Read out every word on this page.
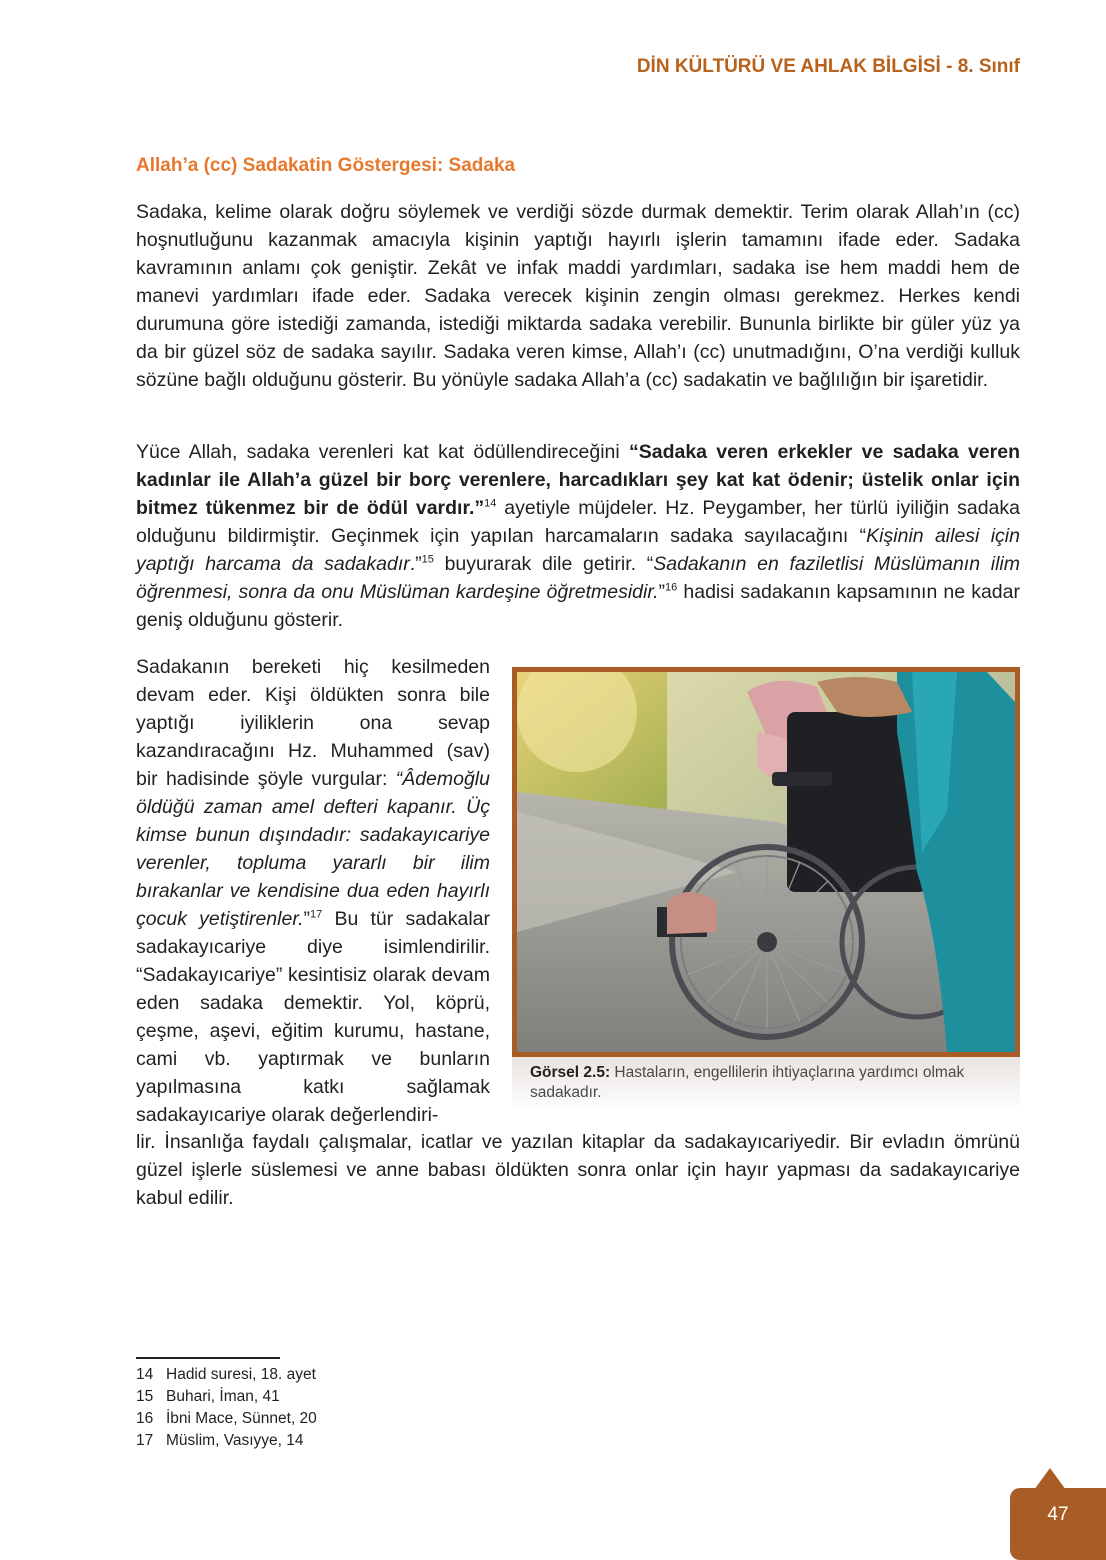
DİN KÜLTÜRÜ VE AHLAK BİLGİSİ - 8. Sınıf
Allah’a (cc) Sadakatin Göstergesi: Sadaka

Sadaka, kelime olarak doğru söylemek ve verdiği sözde durmak demektir. Terim olarak Allah’ın (cc) hoşnutluğunu kazanmak amacıyla kişinin yaptığı hayırlı işlerin tamamını ifade eder. Sadaka kavramının anlamı çok geniştir. Zekât ve infak maddi yardımları, sadaka ise hem maddi hem de manevi yardımları ifade eder. Sadaka verecek kişinin zengin olması gerekmez. Herkes kendi durumuna göre istediği zamanda, istediği miktarda sadaka verebilir. Bununla birlikte bir güler yüz ya da bir güzel söz de sadaka sayılır. Sadaka veren kimse, Allah’ı (cc) unutmadığını, O’na verdiği kulluk sözüne bağlı olduğunu gösterir. Bu yönüyle sadaka Allah’a (cc) sadakatin ve bağlılığın bir işaretidir.

Yüce Allah, sadaka verenleri kat kat ödüllendireceğini “Sadaka veren erkekler ve sadaka veren kadınlar ile Allah’a güzel bir borç verenlere, harcadıkları şey kat kat ödenir; üstelik onlar için bitmez tükenmez bir de ödül vardır.”$^{14}$ ayetiyle müjdeler. Hz. Peygamber, her türlü iyiliğin sadaka olduğunu bildirmiştir. Geçinmek için yapılan harcamaların sadaka sayılacağını “Kişinin ailesi için yaptığı harcama da sadakadır.”$^{15}$ buyurarak dile getirir. “Sadakanın en faziletlisi Müslümanın ilim öğrenmesi, sonra da onu Müslüman kardeşine öğretmesidir.”$^{16}$ hadisi sadakanın kapsamının ne kadar geniş olduğunu gösterir.

Sadakanın bereketi hiç kesilmeden devam eder. Kişi öldükten sonra bile yaptığı iyiliklerin ona sevap kazandıracağını Hz. Muhammed (sav) bir hadisinde şöyle vurgular: “Âdemoğlu öldüğü zaman amel defteri kapanır. Üç kimse bunun dışındadır: sadakayıcariye verenler, topluma yararlı bir ilim bırakanlar ve kendisine dua eden hayırlı çocuk yetiştirenler.”$^{17}$ Bu tür sadakalar sadakayıcariye diye isimlendirilir. “Sadakayıcariye” kesintisiz olarak devam eden sadaka demektir. Yol, köprü, çeşme, aşevi, eğitim kurumu, hastane, cami vb. yaptırmak ve bunların yapılmasına katkı sağlamak sadakayıcariye olarak değerlendiri-

lir. İnsanlığa faydalı çalışmalar, icatlar ve yazılan kitaplar da sadakayıcariyedir. Bir evladın ömrünü güzel işlerle süslemesi ve anne babası öldükten sonra onlar için hayır yapması da sadakayıcariye kabul edilir.

Görsel 2.5: Hastaların, engellilerin ihtiyaçlarına yardımcı olmak sadakadır.
14 Hadid suresi, 18. ayet
15 Buhari, İman, 41
16 İbni Mace, Sünnet, 20
17 Müslim, Vasıyye, 14
47
